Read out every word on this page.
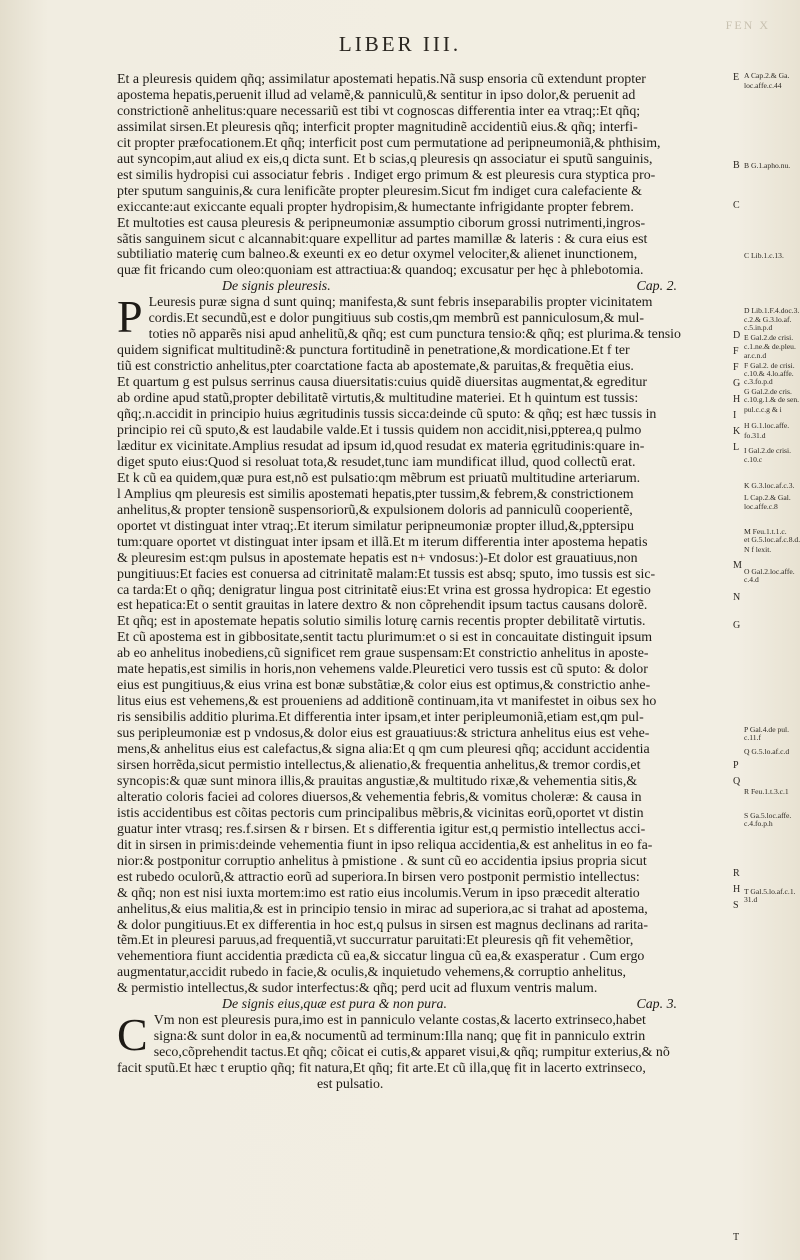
FEN X
LIBER III.
Et a pleuresis quidem qñq; assimilatur apostemati hepatis.Nã susp ensoria cũ extendunt propter
apostema hepatis,peruenit illud ad velamẽ,& panniculũ,& sentitur in ipso dolor,& peruenit ad
constrictionẽ anhelitus:quare necessariũ est tibi vt cognoscas differentia inter ea vtraq;:Et qñq;
assimilat sirsen.Et pleuresis qñq; interficit propter magnitudinẽ accidentiũ eius.& qñq; interfi-
cit propter præfocationem.Et qñq; interficit post cum permutatione ad peripneumoniã,& phthisim,
aut syncopim,aut aliud ex eis,q dicta sunt. Et b scias,q pleuresis qn associatur ei sputũ sanguinis,
est similis hydropisi cui associatur febris . Indiget ergo primum & est pleuresis cura styptica pro-
pter sputum sanguinis,& cura lenificãte propter pleuresim.Sicut fm indiget cura calefaciente &
exiccante:aut exiccante equali propter hydropisim,& humectante infrigidante propter febrem.
Et multoties est causa pleuresis & peripneumoniæ assumptio ciborum grossi nutrimenti,ingros-
sãtis sanguinem sicut c alcannabit:quare expellitur ad partes mamillæ & lateris : & cura eius est
subtiliatio materię cum balneo.& exeunti ex eo detur oxymel velociter,& alienet inunctionem,
quæ fit fricando cum oleo:quoniam est attractiua:& quandoq; excusatur per hęc à phlebotomia.
De signis pleuresis.	Cap. 2.
P Leuresis puræ signa d sunt quinq; manifesta,& sunt febris inseparabilis propter vicinitatem
cordis.Et secundũ,est e dolor pungitiuus sub costis,qm membrũ est panniculosum,& mul-
toties nõ apparẽs nisi apud anhelitũ,& qñq; est cum punctura tensio:& qñq; est plurima.& tensio
quidem significat multitudinẽ:& punctura fortitudinẽ in penetratione,& mordicatione.Et f ter
tiũ est constrictio anhelitus,pter coarctatione facta ab apostemate,& paruitas,& frequẽtia eius.
Et quartum g est pulsus serrinus causa diuersitatis:cuius quidẽ diuersitas augmentat,& egreditur
ab ordine apud statũ,propter debilitatẽ virtutis,& multitudine materiei. Et h quintum est tussis:
qñq;.n.accidit in principio huius ægritudinis tussis sicca:deinde cũ sputo: & qñq; est hæc tussis in
principio rei cũ sputo,& est laudabile valde.Et i tussis quidem non accidit,nisi,ppterea,q pulmo
læditur ex vicinitate.Amplius resudat ad ipsum id,quod resudat ex materia ęgritudinis:quare in-
diget sputo eius:Quod si resoluat tota,& resudet,tunc iam mundificat illud, quod collectũ erat.
Et k cũ ea quidem,quæ pura est,nõ est pulsatio:qm mẽbrum est priuatũ multitudine arteriarum.
l Amplius qm pleuresis est similis apostemati hepatis,pter tussim,& febrem,& constrictionem
anhelitus,& propter tensionẽ suspensoriorũ,& expulsionem doloris ad panniculũ cooperientẽ,
oportet vt distinguat inter vtraq;.Et iterum similatur peripneumoniæ propter illud,&,pptersipu
tum:quare oportet vt distinguat inter ipsam et illã.Et m iterum differentia inter apostema hepatis
& pleuresim est:qm pulsus in apostemate hepatis est n+ vndosus:)-Et dolor est grauatiuus,non
pungitiuus:Et facies est conuersa ad citrinitatẽ malam:Et tussis est absq; sputo, imo tussis est sic-
ca tarda:Et o qñq; denigratur lingua post citrinitatẽ eius:Et vrina est grossa hydropica: Et egestio
est hepatica:Et o sentit grauitas in latere dextro & non cõprehendit ipsum tactus causans dolorẽ.
Et qñq; est in apostemate hepatis solutio similis loturę carnis recentis propter debilitatẽ virtutis.
Et cũ apostema est in gibbositate,sentit tactu plurimum:et o si est in concauitate distinguit ipsum
ab eo anhelitus inobediens,cũ significet rem graue suspensam:Et constrictio anhelitus in aposte-
mate hepatis,est similis in horis,non vehemens valde.Pleuretici vero tussis est cũ sputo: & dolor
eius est pungitiuus,& eius vrina est bonæ substãtiæ,& color eius est optimus,& constrictio anhe-
litus eius est vehemens,& est proueniens ad additionẽ continuam,ita vt manifestet in oibus sex ho
ris sensibilis additio plurima.Et differentia inter ipsam,et inter peripleumoniã,etiam est,qm pul-
sus peripleumoniæ est p vndosus,& dolor eius est grauatiuus:& strictura anhelitus eius est vehe-
mens,& anhelitus eius est calefactus,& signa alia:Et q qm cum pleuresi qñq; accidunt accidentia
sirsen horrẽda,sicut permistio intellectus,& alienatio,& frequentia anhelitus,& tremor cordis,et
syncopis:& quæ sunt minora illis,& prauitas angustiæ,& multitudo rixæ,& vehementia sitis,&
alteratio coloris faciei ad colores diuersos,& vehementia febris,& vomitus choleræ: & causa in
istis accidentibus est cõitas pectoris cum principalibus mẽbris,& vicinitas eorũ,oportet vt distin
guatur inter vtrasq; res.f.sirsen & r birsen. Et s differentia igitur est,q permistio intellectus acci-
dit in sirsen in primis:deinde vehementia fiunt in ipso reliqua accidentia,& est anhelitus in eo fa-
nior:& postponitur corruptio anhelitus à pmistione . & sunt cũ eo accidentia ipsius propria sicut
est rubedo oculorũ,& attractio eorũ ad superiora.In birsen vero postponit permistio intellectus:
& qñq; non est nisi iuxta mortem:imo est ratio eius incolumis.Verum in ipso præcedit alteratio
anhelitus,& eius malitia,& est in principio tensio in mirac ad superiora,ac si trahat ad apostema,
& dolor pungitiuus.Et ex differentia in hoc est,q pulsus in sirsen est magnus declinans ad rarita-
tẽm.Et in pleuresi paruus,ad frequentiã,vt succurratur paruitati:Et pleuresis qñ fit vehemẽtior,
vehementiora fiunt accidentia prædicta cũ ea,& siccatur lingua cũ ea,& exasperatur . Cum ergo
augmentatur,accidit rubedo in facie,& oculis,& inquietudo vehemens,& corruptio anhelitus,
& permistio intellectus,& sudor interfectus:& qñq; perd ucit ad fluxum ventris malum.
De signis eius,quæ est pura & non pura.	Cap. 3.
C Vm non est pleuresis pura,imo est in panniculo velante costas,& lacerto extrinseco,habet
signa:& sunt dolor in ea,& nocumentũ ad terminum:Illa nanq; quę fit in panniculo extrin
seco,cõprehendit tactus.Et qñq; cõicat ei cutis,& apparet visui,& qñq; rumpitur exterius,& nõ
facit sputũ.Et hæc t eruptio qñq; fit natura,Et qñq; fit arte.Et cũ illa,quę fit in lacerto extrinseco,
est pulsatio.
A Cap.2.& Ga.
loc.affe.c.44
B G.1.apho.nu.
C Lib.1.c.13.
D Lib.1.F.4.doc.3.
c.2.& G.3.lo.af.
c.5.in.p.d
E Gal.2.de crisi.
c.1.ne.& de.pleu.
ar.c.n.d
F Gal.2. de crisi.
c.10.& 4.lo.affe.
c.3.fo.p.d
G Gal.2.de cris.
c.10.g.1.& de sen.
pul.c.c.g & i
H G.1.loc.affe.
fo.31.d
I Gal.2.de crisi.
c.10.c
K G.3.loc.af.c.3.
L Cap.2.& Gal.
loc.affe.c.8
M Feu.1.t.1.c.
et G.5.loc.af.c.8.d.
N f lexit.
O Gal.2.loc.affe.
c.4.d
P Gal.4.de pul.
c.11.f
Q G.5.lo.af.c.d
R Feu.1.t.3.c.1
S Ga.5.loc.affe.
c.4.fo.p.h
T Gal.5.lo.af.c.1.
31.d
E
B
C
D
F
F
G
H
I
K
L
M
N
G
P
Q
R
H
S
T
